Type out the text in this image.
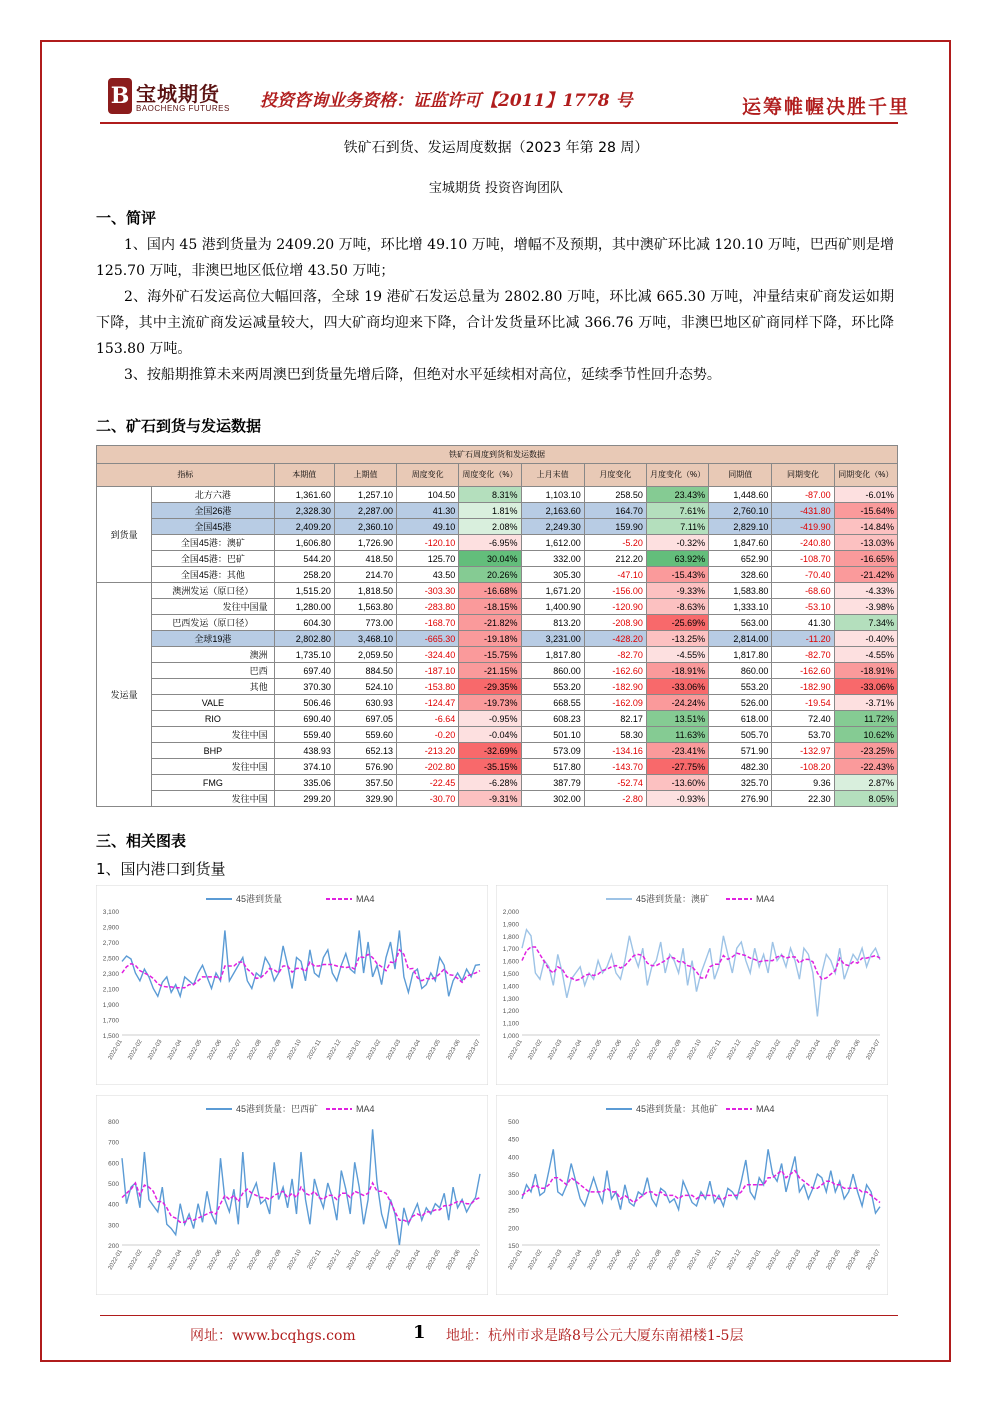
B 宝城期货
BAOCHENG FUTURES 投资咨询业务资格：证监许可【2011】1778 号	运筹帷幄决胜千里
铁矿石到货、发运周度数据（2023 年第 28 周）
宝城期货 投资咨询团队
一、简评
1、国内 45 港到货量为 2409.20 万吨，环比增 49.10 万吨，增幅不及预期，其中澳矿环比减 120.10 万吨，巴西矿则是增 125.70 万吨，非澳巴地区低位增 43.50 万吨；
2、海外矿石发运高位大幅回落，全球 19 港矿石发运总量为 2802.80 万吨，环比减 665.30 万吨，冲量结束矿商发运如期下降，其中主流矿商发运减量较大，四大矿商均迎来下降，合计发货量环比减 366.76 万吨，非澳巴地区矿商同样下降，环比降 153.80 万吨。
3、按船期推算未来两周澳巴到货量先增后降，但绝对水平延续相对高位，延续季节性回升态势。
二、矿石到货与发运数据
铁矿石周度到货和发运数据											
指标		本期值	上期值	周度变化	周度变化（%）	上月末值	月度变化	月度变化（%）	同期值	同期变化	同期变化（%）
到货量	北方六港	1,361.60	1,257.10	104.50	8.31%	1,103.10	258.50	23.43%	1,448.60	-87.00	-6.01%
	全国26港	2,328.30	2,287.00	41.30	1.81%	2,163.60	164.70	7.61%	2,760.10	-431.80	-15.64%
	全国45港	2,409.20	2,360.10	49.10	2.08%	2,249.30	159.90	7.11%	2,829.10	-419.90	-14.84%
	全国45港：澳矿	1,606.80	1,726.90	-120.10	-6.95%	1,612.00	-5.20	-0.32%	1,847.60	-240.80	-13.03%
	全国45港：巴矿	544.20	418.50	125.70	30.04%	332.00	212.20	63.92%	652.90	-108.70	-16.65%
	全国45港：其他	258.20	214.70	43.50	20.26%	305.30	-47.10	-15.43%	328.60	-70.40	-21.42%
发运量	澳洲发运（原口径）	1,515.20	1,818.50	-303.30	-16.68%	1,671.20	-156.00	-9.33%	1,583.80	-68.60	-4.33%
	发往中国量	1,280.00	1,563.80	-283.80	-18.15%	1,400.90	-120.90	-8.63%	1,333.10	-53.10	-3.98%
	巴西发运（原口径）	604.30	773.00	-168.70	-21.82%	813.20	-208.90	-25.69%	563.00	41.30	7.34%
	全球19港	2,802.80	3,468.10	-665.30	-19.18%	3,231.00	-428.20	-13.25%	2,814.00	-11.20	-0.40%
	澳洲	1,735.10	2,059.50	-324.40	-15.75%	1,817.80	-82.70	-4.55%	1,817.80	-82.70	-4.55%
	巴西	697.40	884.50	-187.10	-21.15%	860.00	-162.60	-18.91%	860.00	-162.60	-18.91%
	其他	370.30	524.10	-153.80	-29.35%	553.20	-182.90	-33.06%	553.20	-182.90	-33.06%
	VALE	506.46	630.93	-124.47	-19.73%	668.55	-162.09	-24.24%	526.00	-19.54	-3.71%
	RIO	690.40	697.05	-6.64	-0.95%	608.23	82.17	13.51%	618.00	72.40	11.72%
	发往中国	559.40	559.60	-0.20	-0.04%	501.10	58.30	11.63%	505.70	53.70	10.62%
	BHP	438.93	652.13	-213.20	-32.69%	573.09	-134.16	-23.41%	571.90	-132.97	-23.25%
	发往中国	374.10	576.90	-202.80	-35.15%	517.80	-143.70	-27.75%	482.30	-108.20	-22.43%
	FMG	335.06	357.50	-22.45	-6.28%	387.79	-52.74	-13.60%	325.70	9.36	2.87%
	发往中国	299.20	329.90	-30.70	-9.31%	302.00	-2.80	-0.93%	276.90	22.30	8.05%
三、相关图表
1、国内港口到货量
45港到货量	MA4
3,100
2,900
2,700
2,500
2,300
2,100
1,900
1,700
1,500
2022-01 2022-02 2022-03 2022-04 2022-05 2022-06 2022-07 2022-08 2022-09 2022-10 2022-11 2022-12 2023-01 2023-02 2023-03 2023-04 2023-05 2023-06 2023-07
45港到货量：澳矿	MA4
2,000
1,900
1,800
1,700
1,600
1,500
1,400
1,300
1,200
1,100
1,000
2022-01 2022-02 2022-03 2022-04 2022-05 2022-06 2022-07 2022-08 2022-09 2022-10 2022-11 2022-12 2023-01 2023-02 2023-03 2023-04 2023-05 2023-06 2023-07
45港到货量：巴西矿	MA4
800
700
600
500
400
300
200
2022-01 2022-02 2022-03 2022-04 2022-05 2022-06 2022-07 2022-08 2022-09 2022-10 2022-11 2022-12 2023-01 2023-02 2023-03 2023-04 2023-05 2023-06 2023-07
45港到货量：其他矿	MA4
500
450
400
350
300
250
200
150
2022-01 2022-02 2022-03 2022-04 2022-05 2022-06 2022-07 2022-08 2022-09 2022-10 2022-11 2022-12 2023-01 2023-02 2023-03 2023-04 2023-05 2023-06 2023-07
网址：www.bcqhgs.com	1 地址：杭州市求是路8号公元大厦东南裙楼1-5层
